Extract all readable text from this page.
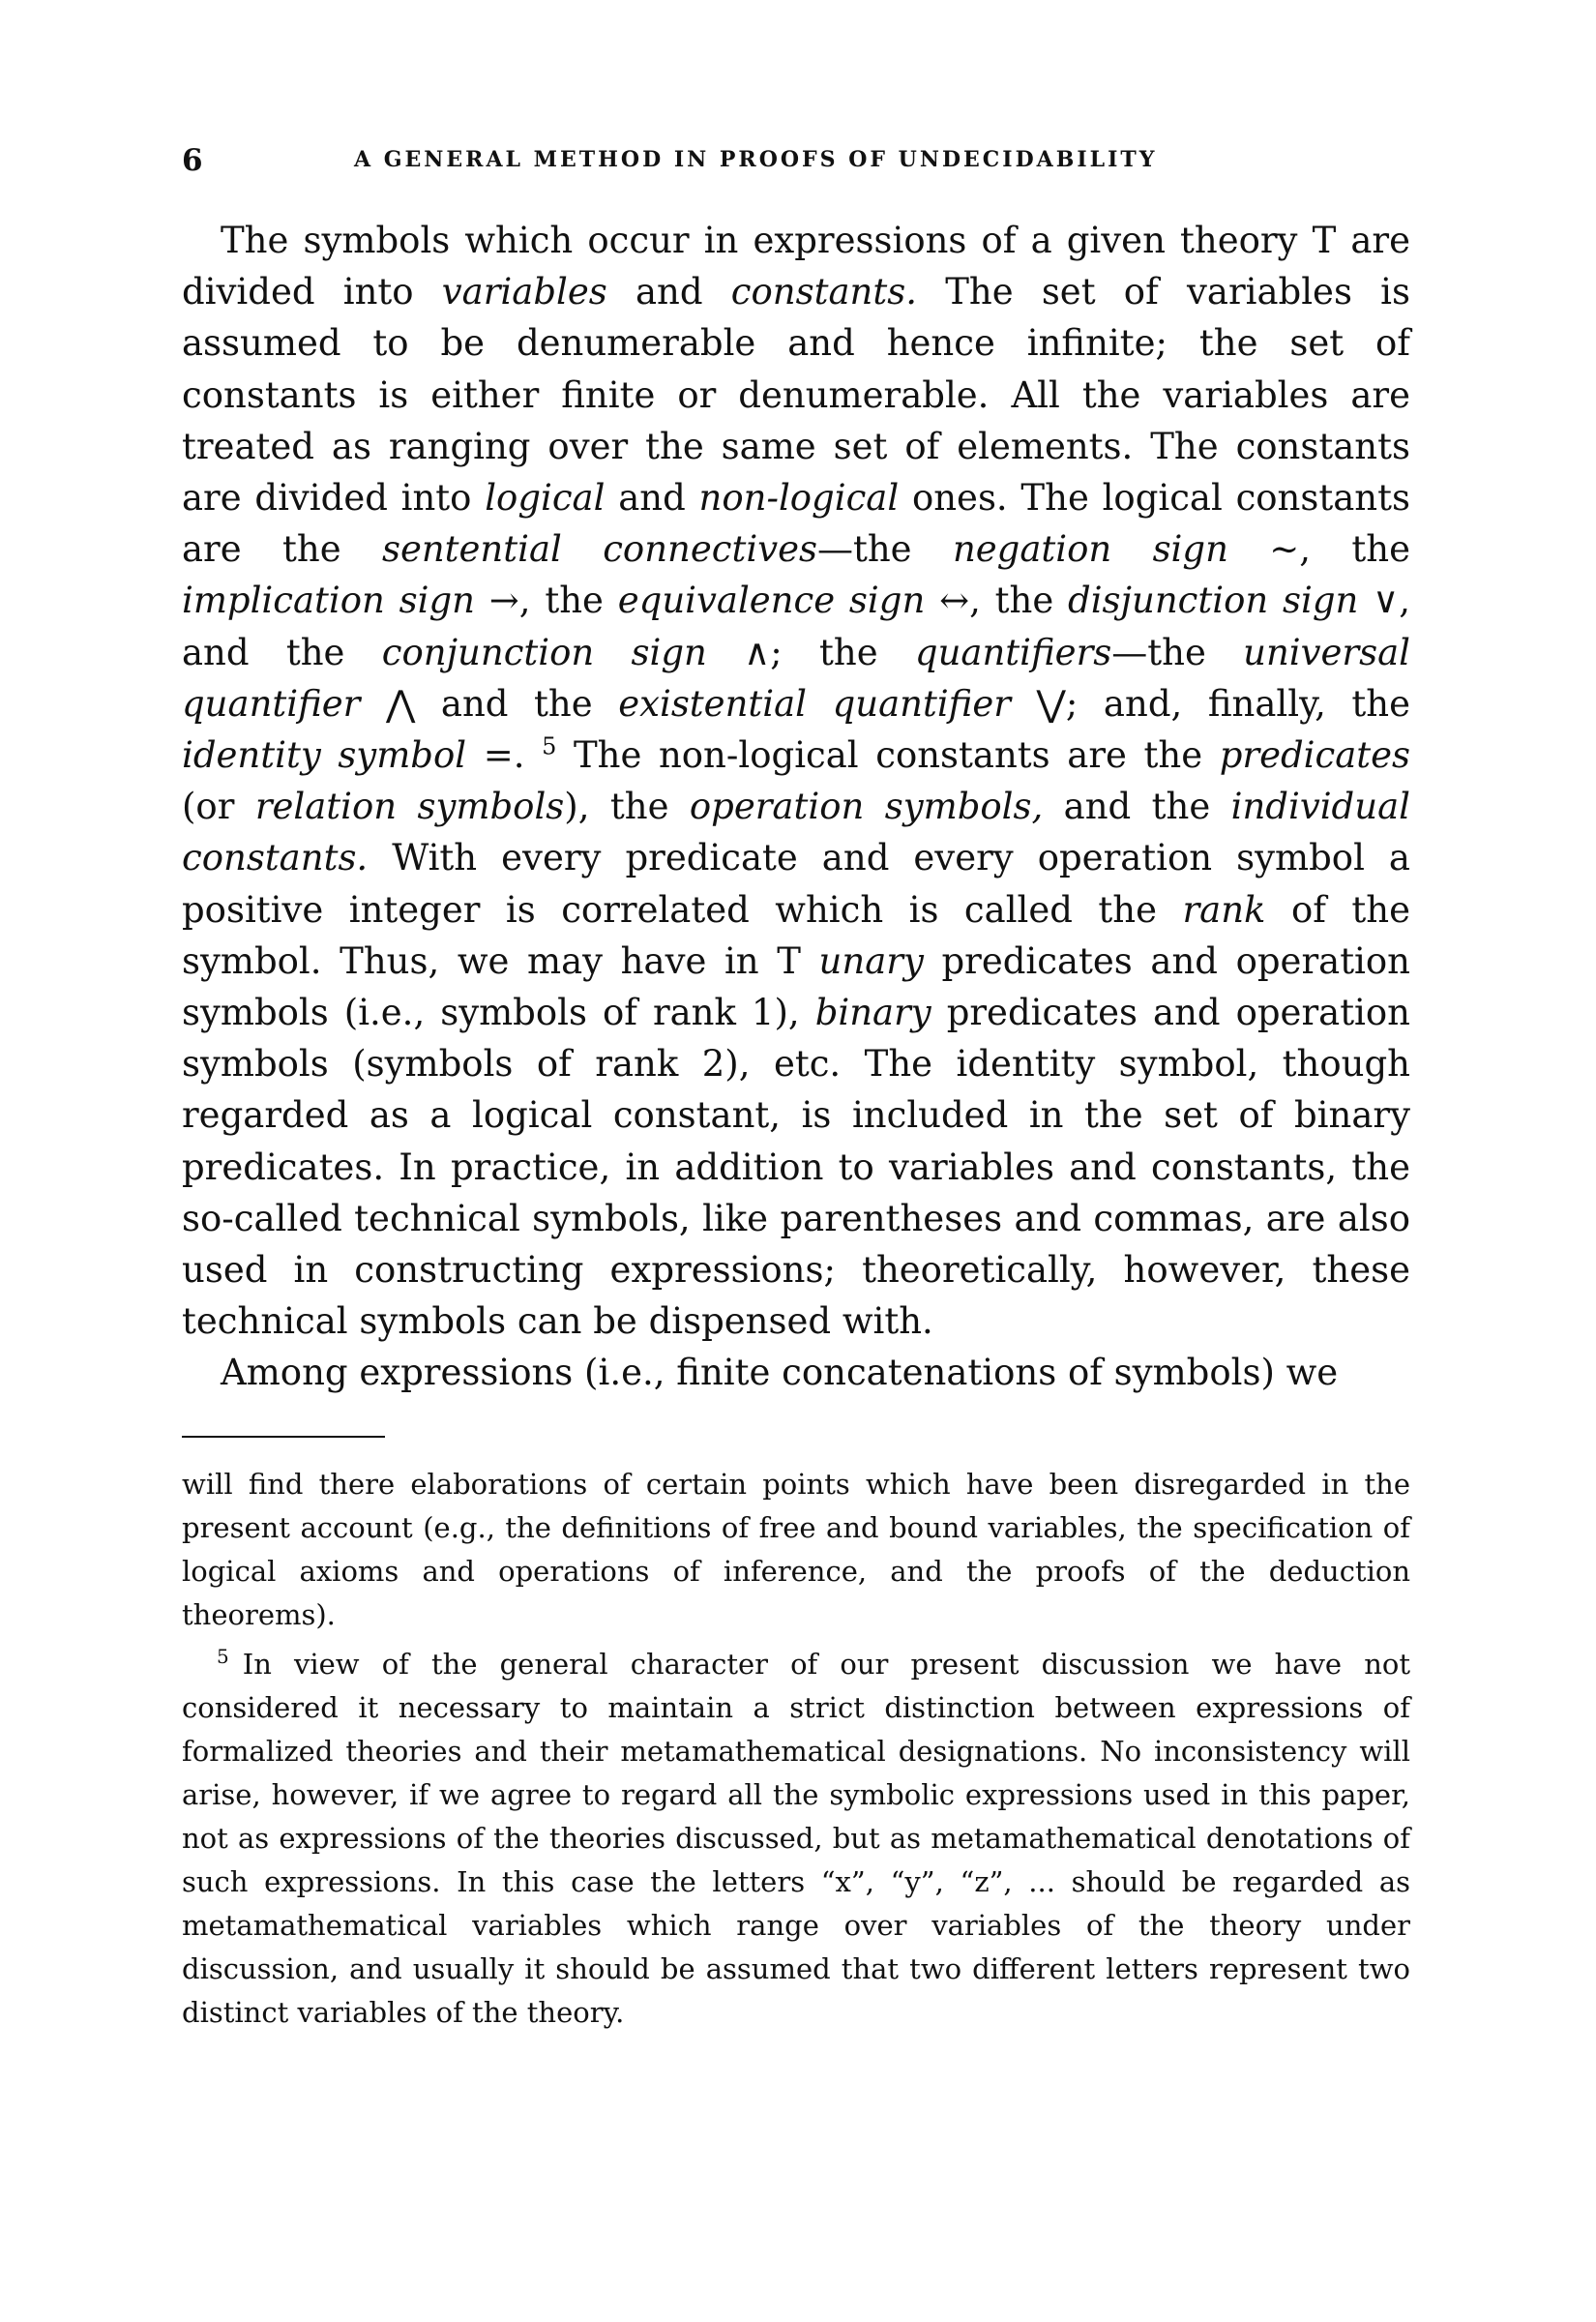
6	A GENERAL METHOD IN PROOFS OF UNDECIDABILITY

The symbols which occur in expressions of a given theory T are divided into variables and constants. The set of variables is assumed to be denumerable and hence infinite; the set of constants is either finite or denumerable. All the variables are treated as ranging over the same set of elements. The constants are divided into logical and non-logical ones. The logical constants are the sentential connectives—the negation sign ∼, the implication sign →, the equivalence sign ↔, the disjunction sign ∨, and the conjunction sign ∧; the quantifiers—the universal quantifier ⋀ and the existential quantifier ⋁; and, finally, the identity symbol =. $^5$ The non-logical constants are the predicates (or relation symbols), the operation symbols, and the individual constants. With every predicate and every operation symbol a positive integer is correlated which is called the rank of the symbol. Thus, we may have in T unary predicates and operation symbols (i.e., symbols of rank 1), binary predicates and operation symbols (symbols of rank 2), etc. The identity symbol, though regarded as a logical constant, is included in the set of binary predicates. In practice, in addition to variables and constants, the so-called technical symbols, like parentheses and commas, are also used in constructing expressions; theoretically, however, these technical symbols can be dispensed with.

Among expressions (i.e., finite concatenations of symbols) we

will find there elaborations of certain points which have been disregarded in the present account (e.g., the definitions of free and bound variables, the specification of logical axioms and operations of inference, and the proofs of the deduction theorems).

$^5$ In view of the general character of our present discussion we have not considered it necessary to maintain a strict distinction between expressions of formalized theories and their metamathematical designations. No inconsistency will arise, however, if we agree to regard all the symbolic expressions used in this paper, not as expressions of the theories discussed, but as metamathematical denotations of such expressions. In this case the letters “x”, “y”, “z”, ... should be regarded as metamathematical variables which range over variables of the theory under discussion, and usually it should be assumed that two different letters represent two distinct variables of the theory.
